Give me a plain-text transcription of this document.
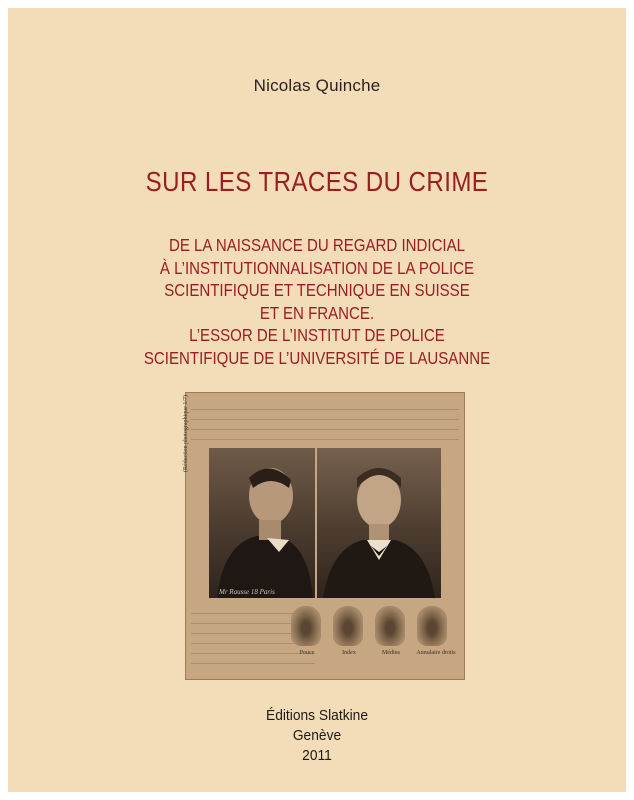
Nicolas Quinche
SUR LES TRACES DU CRIME
DE LA NAISSANCE DU REGARD INDICIAL
À L’INSTITUTIONNALISATION DE LA POLICE
SCIENTIFIQUE ET TECHNIQUE EN SUISSE
ET EN FRANCE.
L’ESSOR DE L’INSTITUT DE POLICE
SCIENTIFIQUE DE L’UNIVERSITÉ DE LAUSANNE
(Réduction photographique 1/7)
Mr Rausse 18 Paris
Pouce	Index	Médius	Annulaire droits
Éditions Slatkine
Genève
2011
